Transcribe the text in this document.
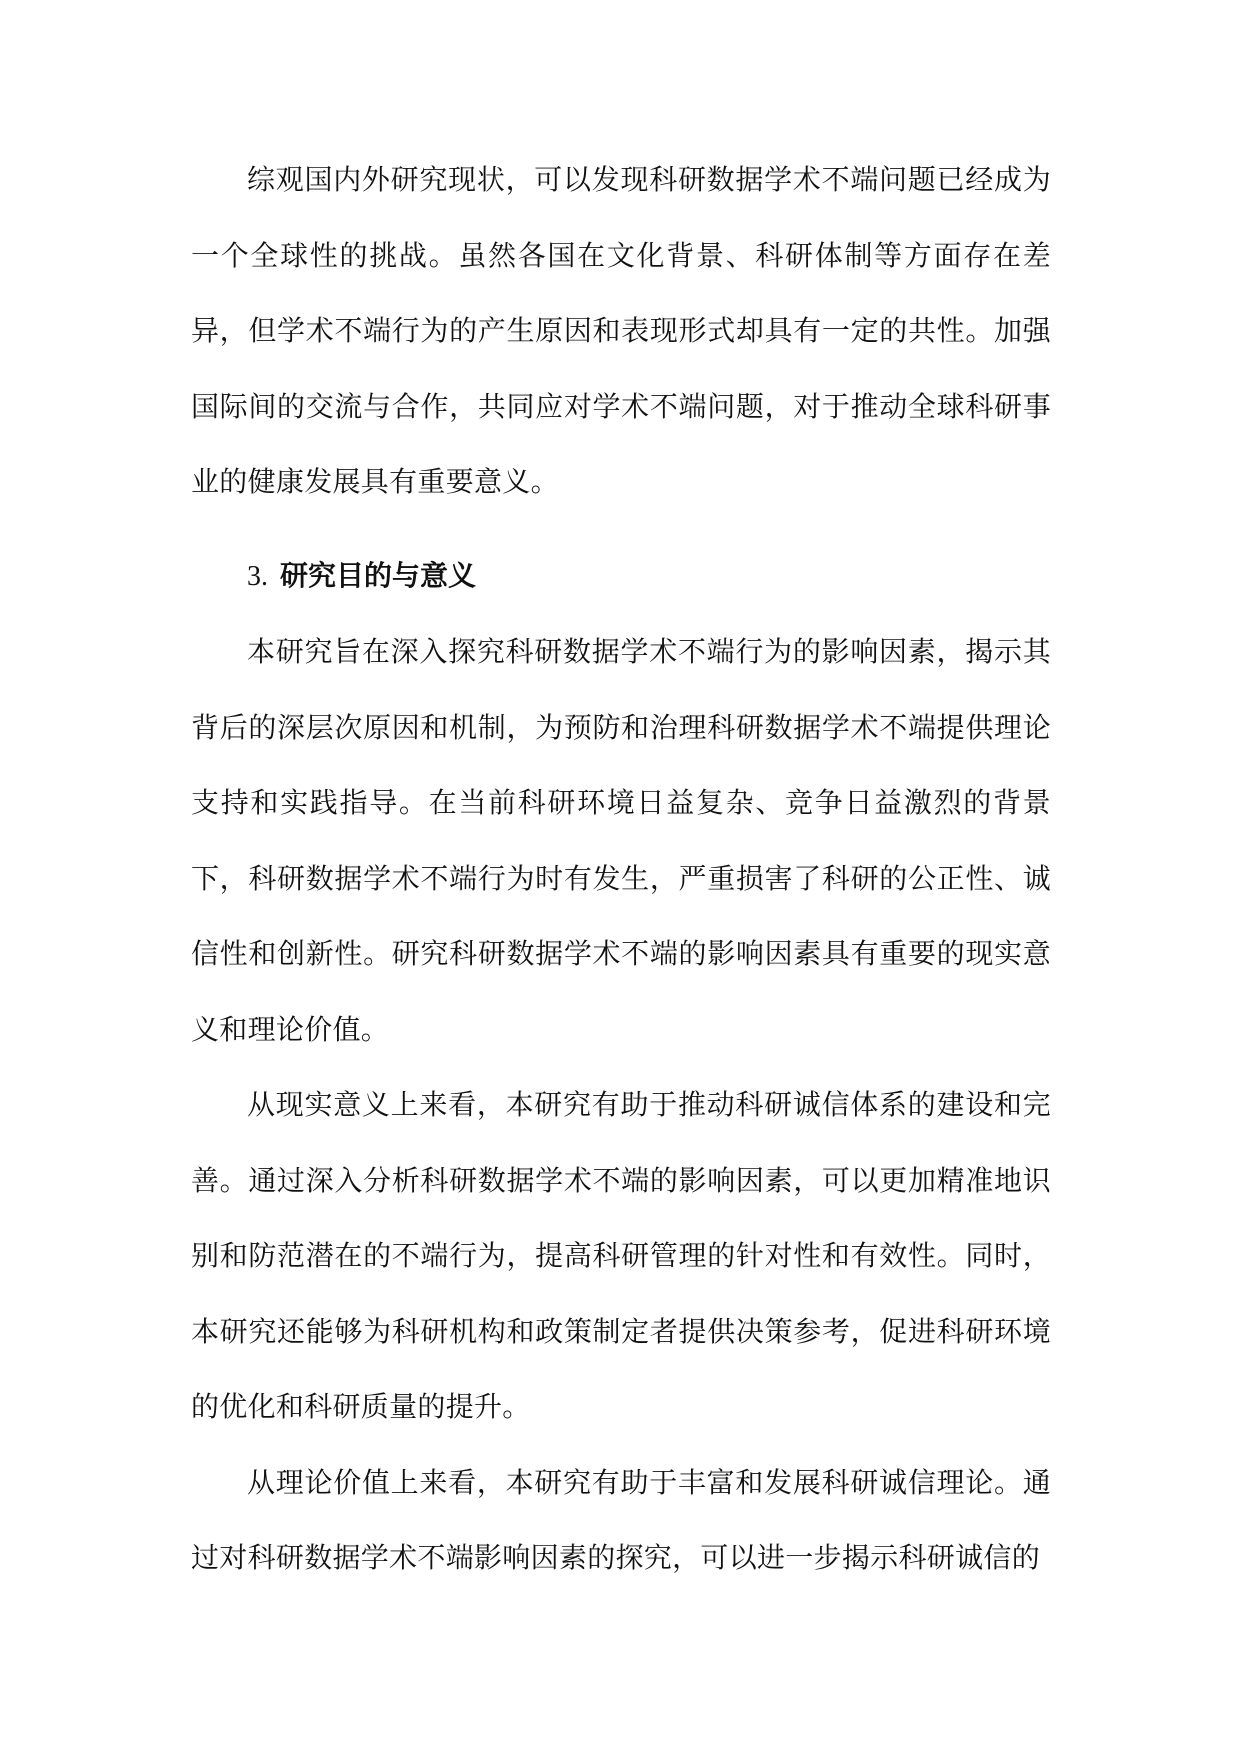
综观国内外研究现状，可以发现科研数据学术不端问题已经成为一个全球性的挑战。虽然各国在文化背景、科研体制等方面存在差异，但学术不端行为的产生原因和表现形式却具有一定的共性。加强国际间的交流与合作，共同应对学术不端问题，对于推动全球科研事业的健康发展具有重要意义。

3. 研究目的与意义

本研究旨在深入探究科研数据学术不端行为的影响因素，揭示其背后的深层次原因和机制，为预防和治理科研数据学术不端提供理论支持和实践指导。在当前科研环境日益复杂、竞争日益激烈的背景下，科研数据学术不端行为时有发生，严重损害了科研的公正性、诚信性和创新性。研究科研数据学术不端的影响因素具有重要的现实意义和理论价值。

从现实意义上来看，本研究有助于推动科研诚信体系的建设和完善。通过深入分析科研数据学术不端的影响因素，可以更加精准地识别和防范潜在的不端行为，提高科研管理的针对性和有效性。同时，本研究还能够为科研机构和政策制定者提供决策参考，促进科研环境的优化和科研质量的提升。

从理论价值上来看，本研究有助于丰富和发展科研诚信理论。通过对科研数据学术不端影响因素的探究，可以进一步揭示科研诚信的
